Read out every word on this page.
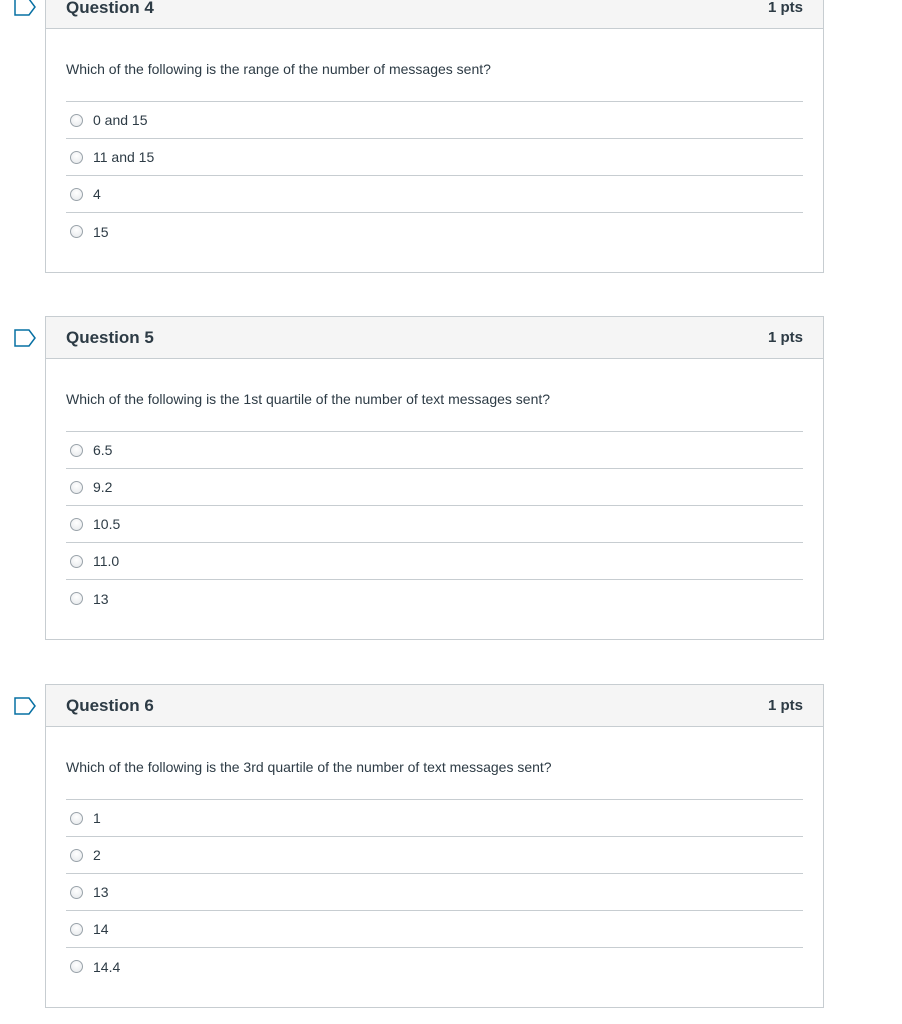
Question 4	1 pts
Which of the following is the range of the number of messages sent?
0 and 15
11 and 15
4
15
Question 5	1 pts
Which of the following is the 1st quartile of the number of text messages sent?
6.5
9.2
10.5
11.0
13
Question 6	1 pts
Which of the following is the 3rd quartile of the number of text messages sent?
1
2
13
14
14.4
